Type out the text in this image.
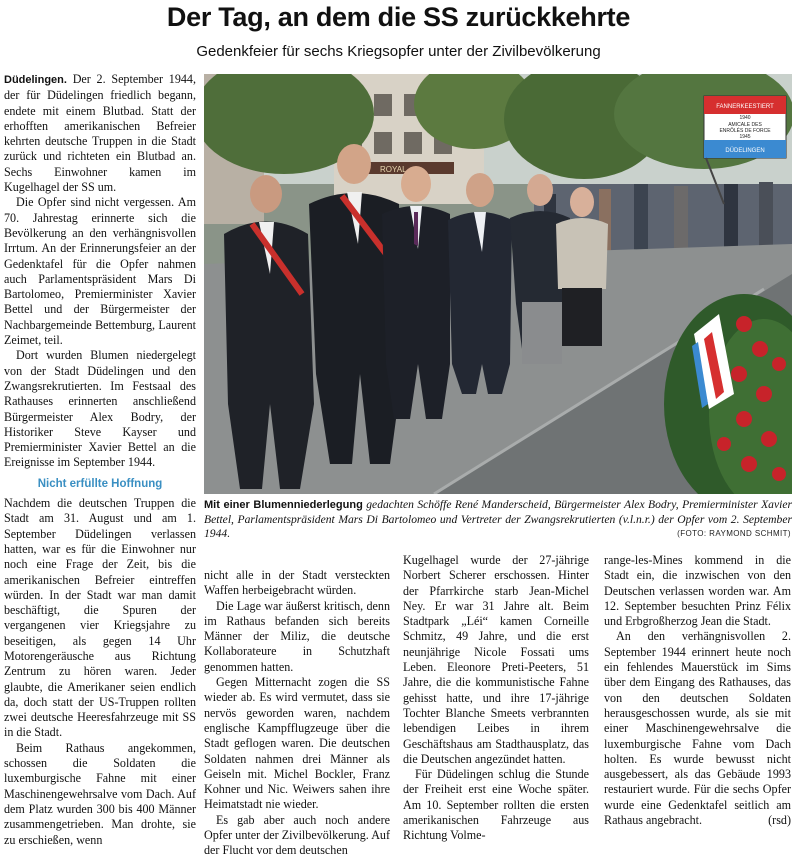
Der Tag, an dem die SS zurückkehrte
Gedenkfeier für sechs Kriegsopfer unter der Zivilbevölkerung

Düdelingen. Der 2. September 1944, der für Düdelingen friedlich begann, endete mit einem Blutbad. Statt der erhofften amerikanischen Befreier kehrten deutsche Truppen in die Stadt zurück und richteten ein Blutbad an. Sechs Einwohner kamen im Kugelhagel der SS um.

Die Opfer sind nicht vergessen. Am 70. Jahrestag erinnerte sich die Bevölkerung an den verhängnisvollen Irrtum. An der Erinnerungsfeier an der Gedenktafel für die Opfer nahmen auch Parlamentspräsident Mars Di Bartolomeo, Premierminister Xavier Bettel und der Bürgermeister der Nachbargemeinde Bettemburg, Laurent Zeimet, teil.

Dort wurden Blumen niedergelegt von der Stadt Düdelingen und den Zwangsrekrutierten. Im Festsaal des Rathauses erinnerten anschließend Bürgermeister Alex Bodry, der Historiker Steve Kayser und Premierminister Xavier Bettel an die Ereignisse im September 1944.

Nicht erfüllte Hoffnung

Nachdem die deutschen Truppen die Stadt am 31. August und am 1. September Düdelingen verlassen hatten, war es für die Einwohner nur noch eine Frage der Zeit, bis die amerikanischen Befreier eintreffen würden. In der Stadt war man damit beschäftigt, die Spuren der vergangenen vier Kriegsjahre zu beseitigen, als gegen 14 Uhr Motorengeräusche aus Richtung Zentrum zu hören waren. Jeder glaubte, die Amerikaner seien endlich da, doch statt der US-Truppen rollten zwei deutsche Heeresfahrzeuge mit SS in die Stadt.

Beim Rathaus angekommen, schossen die Soldaten die luxemburgische Fahne mit einer Maschinengewehrsalve vom Dach. Auf dem Platz wurden 300 bis 400 Männer zusammengetrieben. Man drohte, sie zu erschießen, wenn

ROYAL
FANNERKEESTIERT
1940
AMICALE DES
ENRÔLÉS DE FORCE
1945
DÜDELINGEN
Mit einer Blumenniederlegung gedachten Schöffe René Manderscheid, Bürgermeister Alex Bodry, Premierminister Xavier Bettel, Parlamentspräsident Mars Di Bartolomeo und Vertreter der Zwangsrekrutierten (v.l.n.r.) der Opfer vom 2. September 1944.	(FOTO: RAYMOND SCHMIT)

nicht alle in der Stadt versteckten Waffen herbeigebracht würden.

Die Lage war äußerst kritisch, denn im Rathaus befanden sich bereits Männer der Miliz, die deutsche Kollaborateure in Schutzhaft genommen hatten.

Gegen Mitternacht zogen die SS wieder ab. Es wird vermutet, dass sie nervös geworden waren, nachdem englische Kampfflugzeuge über die Stadt geflogen waren. Die deutschen Soldaten nahmen drei Männer als Geiseln mit. Michel Bockler, Franz Kohner und Nic. Weiwers sahen ihre Heimatstadt nie wieder.

Es gab aber auch noch andere Opfer unter der Zivilbevölkerung. Auf der Flucht vor dem deutschen

Kugelhagel wurde der 27-jährige Norbert Scherer erschossen. Hinter der Pfarrkirche starb Jean-Michel Ney. Er war 31 Jahre alt. Beim Stadtpark „Léi“ kamen Corneille Schmitz, 49 Jahre, und die erst neunjährige Nicole Fossati ums Leben. Eleonore Preti-Peeters, 51 Jahre, die die kommunistische Fahne gehisst hatte, und ihre 17-jährige Tochter Blanche Smeets verbrannten lebendigen Leibes in ihrem Geschäftshaus am Stadthausplatz, das die Deutschen angezündet hatten.

Für Düdelingen schlug die Stunde der Freiheit erst eine Woche später. Am 10. September rollten die ersten amerikanischen Fahrzeuge aus Richtung Volme-

range-les-Mines kommend in die Stadt ein, die inzwischen von den Deutschen verlassen worden war. Am 12. September besuchten Prinz Félix und Erbgroßherzog Jean die Stadt.

An den verhängnisvollen 2. September 1944 erinnert heute noch ein fehlendes Mauerstück im Sims über dem Eingang des Rathauses, das von den deutschen Soldaten herausgeschossen wurde, als sie mit einer Maschinengewehrsalve die luxemburgische Fahne vom Dach holten. Es wurde bewusst nicht ausgebessert, als das Gebäude 1993 restauriert wurde. Für die sechs Opfer wurde eine Gedenktafel seitlich am Rathaus angebracht.	(rsd)
